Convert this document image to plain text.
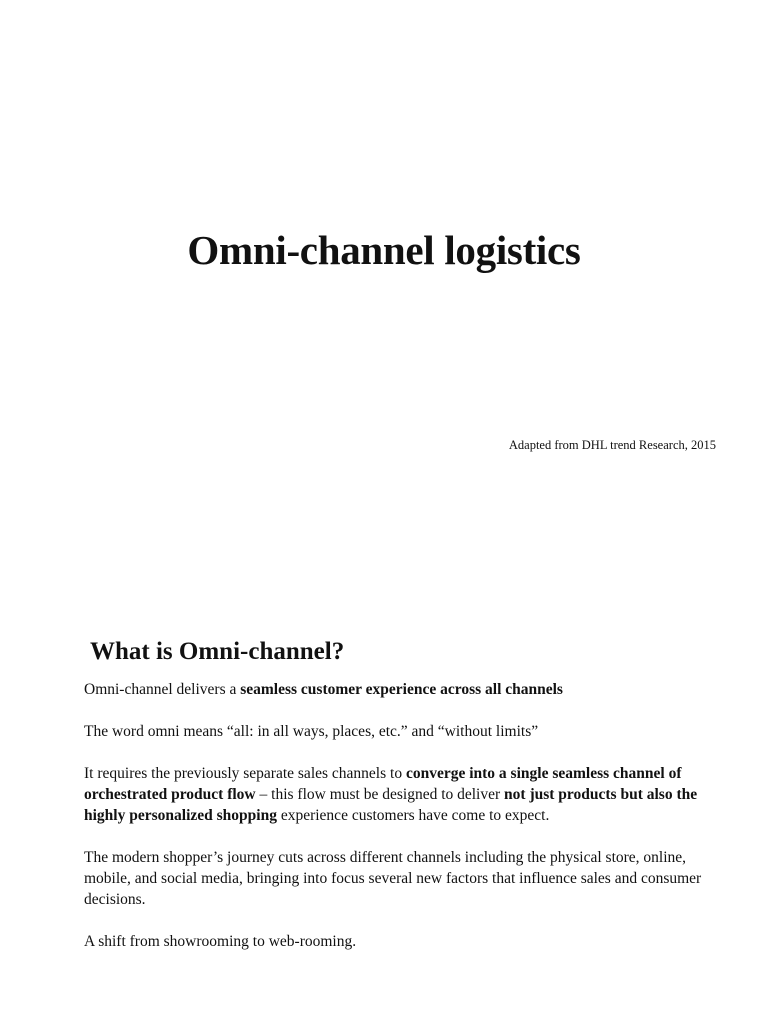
Omni-channel logistics
Adapted from DHL trend Research, 2015
What is Omni-channel?

Omni-channel delivers a seamless customer experience across all channels

The word omni means “all: in all ways, places, etc.” and “without limits”

It requires the previously separate sales channels to converge into a single seamless channel of orchestrated product flow – this flow must be designed to deliver not just products but also the highly personalized shopping experience customers have come to expect.

The modern shopper’s journey cuts across different channels including the physical store, online, mobile, and social media, bringing into focus several new factors that influence sales and consumer decisions.

A shift from showrooming to web-rooming.
